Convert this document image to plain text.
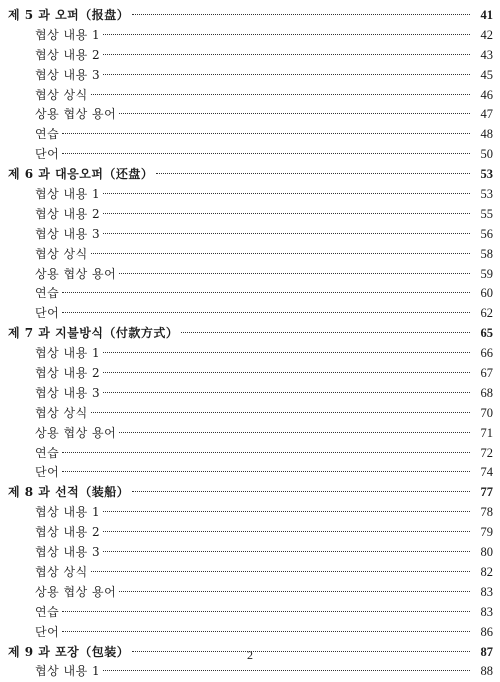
제 5 과 오퍼（报盘）	41
협상 내용 1	42
협상 내용 2	43
협상 내용 3	45
협상 상식	46
상용 협상 용어	47
연습	48
단어	50
제 6 과 대응오퍼（还盘）	53
협상 내용 1	53
협상 내용 2	55
협상 내용 3	56
협상 상식	58
상용 협상 용어	59
연습	60
단어	62
제 7 과 지불방식（付款方式）	65
협상 내용 1	66
협상 내용 2	67
협상 내용 3	68
협상 상식	70
상용 협상 용어	71
연습	72
단어	74
제 8 과 선적（装船）	77
협상 내용 1	78
협상 내용 2	79
협상 내용 3	80
협상 상식	82
상용 협상 용어	83
연습	83
단어	86
제 9 과 포장（包装）	87
협상 내용 1	88
2
